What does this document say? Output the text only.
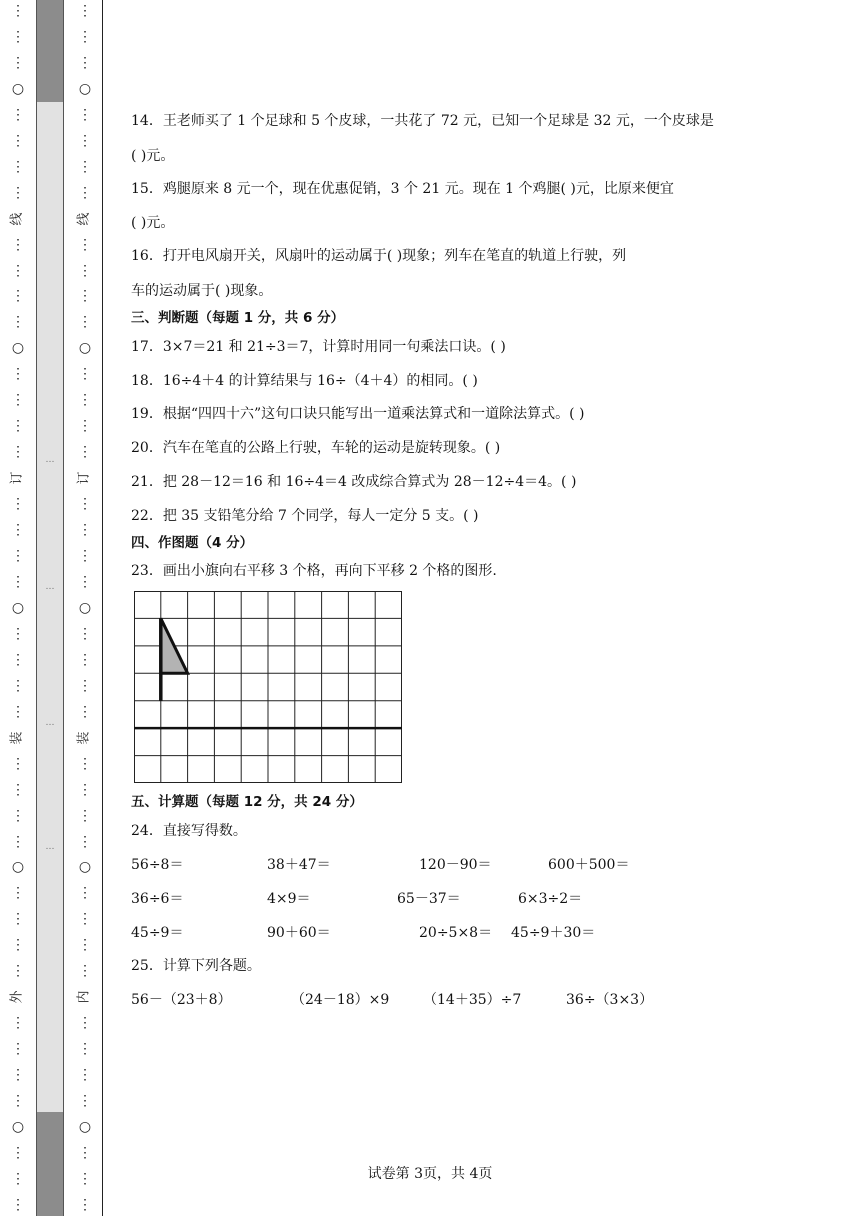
⋮
⋮
⋮
○
⋮
⋮
⋮
⋮
线
⋮
⋮
⋮
⋮
○
⋮
⋮
⋮
⋮
订
⋮
⋮
⋮
⋮
○
⋮
⋮
⋮
⋮
装
⋮
⋮
⋮
⋮
○
⋮
⋮
⋮
⋮
外
⋮
⋮
⋮
⋮
○
⋮
⋮
⋮
…
…
…
…
⋮
⋮
⋮
○
⋮
⋮
⋮
⋮
线
⋮
⋮
⋮
⋮
○
⋮
⋮
⋮
⋮
订
⋮
⋮
⋮
⋮
○
⋮
⋮
⋮
⋮
装
⋮
⋮
⋮
⋮
○
⋮
⋮
⋮
⋮
内
⋮
⋮
⋮
⋮
○
⋮
⋮
⋮
14．王老师买了 1 个足球和 5 个皮球，一共花了 72 元，已知一个足球是 32 元，一个皮球是
( )元。
15．鸡腿原来 8 元一个，现在优惠促销，3 个 21 元。现在 1 个鸡腿( )元，比原来便宜
( )元。
16．打开电风扇开关，风扇叶的运动属于( )现象；列车在笔直的轨道上行驶，列
车的运动属于( )现象。
三、判断题（每题 1 分，共 6 分）
17．3×7＝21 和 21÷3＝7，计算时用同一句乘法口诀。( )
18．16÷4＋4 的计算结果与 16÷（4＋4）的相同。( )
19．根据“四四十六”这句口诀只能写出一道乘法算式和一道除法算式。( )
20．汽车在笔直的公路上行驶，车轮的运动是旋转现象。( )
21．把 28－12＝16 和 16÷4＝4 改成综合算式为 28－12÷4＝4。( )
22．把 35 支铅笔分给 7 个同学，每人一定分 5 支。( )
四、作图题（4 分）
23．画出小旗向右平移 3 个格，再向下平移 2 个格的图形.
五、计算题（每题 12 分，共 24 分）
24．直接写得数。
25．计算下列各题。
56÷8＝	38＋47＝	120－90＝	600＋500＝
36÷6＝	4×9＝	65－37＝	6×3÷2＝
45÷9＝	90＋60＝	20÷5×8＝ 45÷9＋30＝
56－（23＋8）	（24－18）×9 （14＋35）÷7	36÷（3×3）
试卷第 3页，共 4页
